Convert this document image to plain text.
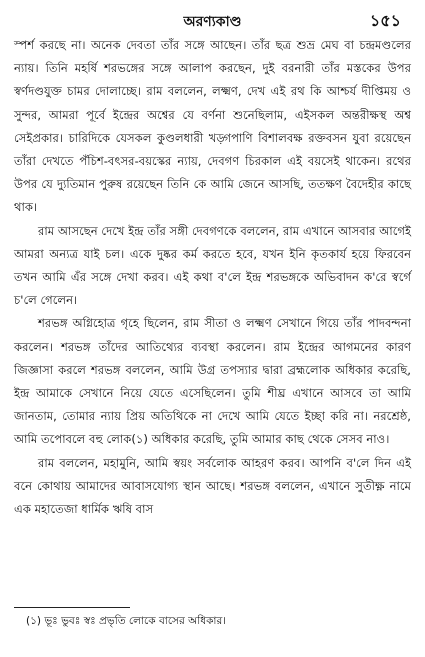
অরণ্যকাণ্ড	১৫১

স্পর্শ করছে না। অনেক দেবতা তাঁর সঙ্গে আছেন। তাঁর ছত্র শুভ্র মেঘ বা চন্দ্রমণ্ডলের ন্যায়। তিনি মহর্ষি শরভঙ্গের সঙ্গে আলাপ করছেন, দুই বরনারী তাঁর মস্তকের উপর স্বর্ণদণ্ডযুক্ত চামর দোলাচ্ছে। রাম বললেন, লক্ষ্মণ, দেখ এই রথ কি আশ্চর্য দীপ্তিময় ও সুন্দর, আমরা পূর্বে ইন্দ্রের অশ্বের যে বর্ণনা শুনেছিলাম, এইসকল অন্তরীক্ষস্থ অশ্ব সেইপ্রকার। চারিদিকে যেসকল কুণ্ডলধারী খড়্গপাণি বিশালবক্ষ রক্তবসন যুবা রয়েছেন তাঁরা দেখতে পঁচিশ-বৎসর-বয়স্কের ন্যায়, দেবগণ চিরকাল এই বয়সেই থাকেন। রথের উপর যে দ্যুতিমান পুরুষ রয়েছেন তিনি কে আমি জেনে আসছি, ততক্ষণ বৈদেহীর কাছে থাক।

রাম আসছেন দেখে ইন্দ্র তাঁর সঙ্গী দেবগণকে বললেন, রাম এখানে আসবার আগেই আমরা অন্যত্র যাই চল। একে দুষ্কর কর্ম করতে হবে, যখন ইনি কৃতকার্য হয়ে ফিরবেন তখন আমি এঁর সঙ্গে দেখা করব। এই কথা ব'লে ইন্দ্র শরভঙ্গকে অভিবাদন ক'রে স্বর্গে চ'লে গেলেন।

শরভঙ্গ অগ্নিহোত্র গৃহে ছিলেন, রাম সীতা ও লক্ষ্মণ সেখানে গিয়ে তাঁর পাদবন্দনা করলেন। শরভঙ্গ তাঁদের আতিথ্যের ব্যবস্থা করলেন। রাম ইন্দ্রের আগমনের কারণ জিজ্ঞাসা করলে শরভঙ্গ বললেন, আমি উগ্র তপস্যার দ্বারা ব্রহ্মলোক অধিকার করেছি, ইন্দ্র আমাকে সেখানে নিয়ে যেতে এসেছিলেন। তুমি শীঘ্র এখানে আসবে তা আমি জানতাম, তোমার ন্যায় প্রিয় অতিথিকে না দেখে আমি যেতে ইচ্ছা করি না। নরশ্রেষ্ঠ, আমি তপোবলে বহু লোক(১) অধিকার করেছি, তুমি আমার কাছ থেকে সেসব নাও।

রাম বললেন, মহামুনি, আমি স্বয়ং সর্বলোক আহরণ করব। আপনি ব'লে দিন এই বনে কোথায় আমাদের আবাসযোগ্য স্থান আছে। শরভঙ্গ বললেন, এখানে সুতীক্ষ্ণ নামে এক মহাতেজা ধার্মিক ঋষি বাস

(১) ভূঃ ভুবঃ স্বঃ প্রভৃতি লোকে বাসের অধিকার।
